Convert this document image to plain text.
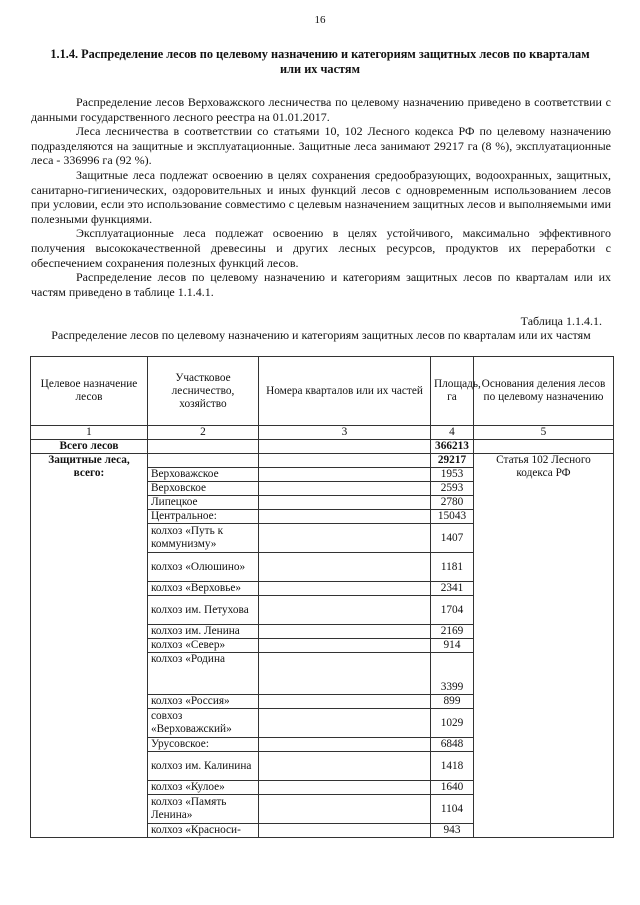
16
1.1.4. Распределение лесов по целевому назначению и категориям защитных лесов по кварталам или их частям

Распределение лесов Верховажского лесничества по целевому назначению приведено в соответствии с данными государственного лесного реестра на 01.01.2017.

Леса лесничества в соответствии со статьями 10, 102 Лесного кодекса РФ по целевому назначению подразделяются на защитные и эксплуатационные. Защитные леса занимают 29217 га (8 %), эксплуатационные леса - 336996 га (92 %).

Защитные леса подлежат освоению в целях сохранения средообразующих, водоохранных, защитных, санитарно-гигиенических, оздоровительных и иных функций лесов с одновременным использованием лесов при условии, если это использование совместимо с целевым назначением защитных лесов и выполняемыми ими полезными функциями.

Эксплуатационные леса подлежат освоению в целях устойчивого, максимально эффективного получения высококачественной древесины и других лесных ресурсов, продуктов их переработки с обеспечением сохранения полезных функций лесов.

Распределение лесов по целевому назначению и категориям защитных лесов по кварталам или их частям приведено в таблице 1.1.4.1.

Таблица 1.1.4.1.
Распределение лесов по целевому назначению и категориям защитных лесов по кварталам или их частям
Целевое назначение лесов	Участковое лесничество, хозяйство	Номера кварталов или их частей	Площадь, га	Основания деления лесов по целевому назначению
1	2	3	4	5
Всего лесов			366213	
Защитные леса, всего:			29217	Статья 102 Лесного кодекса РФ
	Верховажское		1953	
	Верховское		2593	
	Липецкое		2780	
	Центральное:		15043	
	колхоз «Путь к коммунизму»		1407	
	колхоз «Олюшино»		1181	
	колхоз «Верховье»		2341	
	колхоз им. Петухова		1704	
	колхоз им. Ленина		2169	
	колхоз «Север»		914	
	колхоз «Родина		3399	
	колхоз «Россия»		899	
	совхоз «Верховажский»		1029	
	Урусовское:		6848	
	колхоз им. Калинина		1418	
	колхоз «Кулое»		1640	
	колхоз «Память Ленина»		1104	
	колхоз «Красноси-		943	
